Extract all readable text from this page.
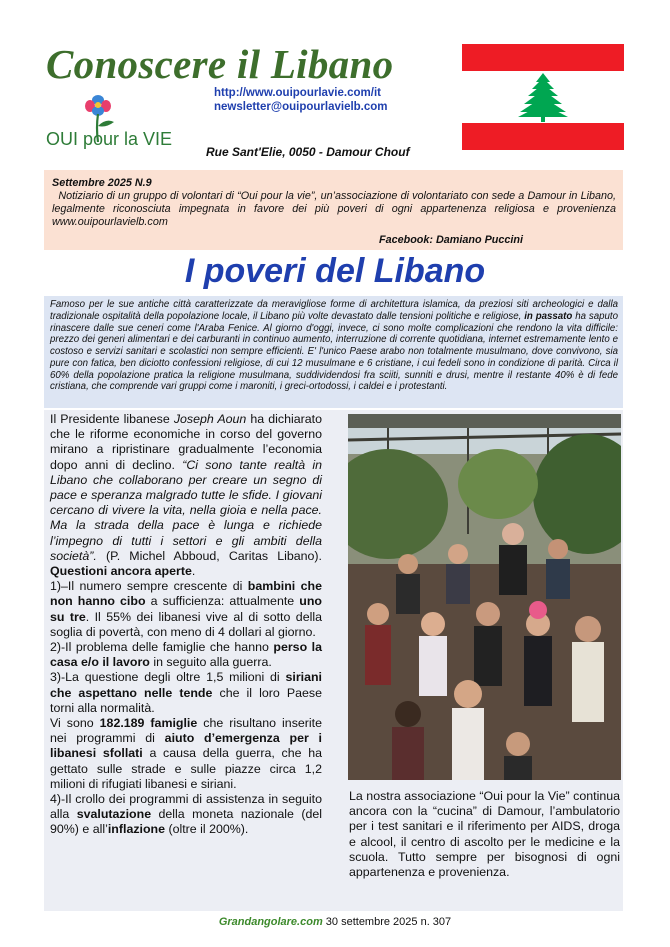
Conoscere il Libano
http://www.ouipourlavie.com/it
newsletter@ouipourlavielb.com
OUI pour la VIE
Rue Sant'Elie, 0050 - Damour Chouf
Settembre 2025 N.9
Notiziario di un gruppo di volontari di “Oui pour la vie”, un’associazione di volontariato con sede a Damour in Libano, legalmente riconosciuta impegnata in favore dei più poveri di ogni appartenenza religiosa e provenienza www.ouipourlavielb.com
Facebook: Damiano Puccini
I poveri del Libano
Famoso per le sue antiche città caratterizzate da meravigliose forme di architettura islamica, da preziosi siti archeologici e dalla tradizionale ospitalità della popolazione locale, il Libano più volte devastato dalle tensioni politiche e religiose, in passato ha saputo rinascere dalle sue ceneri come l'Araba Fenice. Al giorno d'oggi, invece, ci sono molte complicazioni che rendono la vita difficile: prezzo dei generi alimentari e dei carburanti in continuo aumento, interruzione di corrente quotidiana, internet estremamente lento e costoso e servizi sanitari e scolastici non sempre efficienti. E' l'unico Paese arabo non totalmente musulmano, dove convivono, sia pure con fatica, ben diciotto confessioni religiose, di cui 12 musulmane e 6 cristiane, i cui fedeli sono in condizione di parità. Circa il 60% della popolazione pratica la religione musulmana, suddividendosi fra sciiti, sunniti e drusi, mentre il restante 40% è di fede cristiana, che comprende vari gruppi come i maroniti, i greci-ortodossi, i caldei e i protestanti.

Il Presidente libanese Joseph Aoun ha dichiarato che le riforme economiche in corso del governo mirano a ripristinare gradualmente l’economia dopo anni di declino. “Ci sono tante realtà in Libano che collaborano per creare un segno di pace e speranza malgrado tutte le sfide. I giovani cercano di vivere la vita, nella gioia e nella pace. Ma la strada della pace è lunga e richiede l’impegno di tutti i settori e gli ambiti della società”. (P. Michel Abboud, Caritas Libano). Questioni ancora aperte.

1)–Il numero sempre crescente di bambini che non hanno cibo a sufficienza: attualmente uno su tre. Il 55% dei libanesi vive al di sotto della soglia di povertà, con meno di 4 dollari al giorno.

2)-Il problema delle famiglie che hanno perso la casa e/o il lavoro in seguito alla guerra.

3)-La questione degli oltre 1,5 milioni di siriani che aspettano nelle tende che il loro Paese torni alla normalità.

Vi sono 182.189 famiglie che risultano inserite nei programmi di aiuto d’emergenza per i libanesi sfollati a causa della guerra, che ha gettato sulle strade e sulle piazze circa 1,2 milioni di rifugiati libanesi e siriani.

4)-Il crollo dei programmi di assistenza in seguito alla svalutazione della moneta nazionale (del 90%) e all’inflazione (oltre il 200%).

La nostra associazione “Oui pour la Vie” continua ancora con la “cucina” di Damour, l’ambulatorio per i test sanitari e il riferimento per AIDS, droga e alcool, il centro di ascolto per le medicine e la scuola. Tutto sempre per bisognosi di ogni appartenenza e provenienza.
Grandangolare.com 30 settembre 2025 n. 307
